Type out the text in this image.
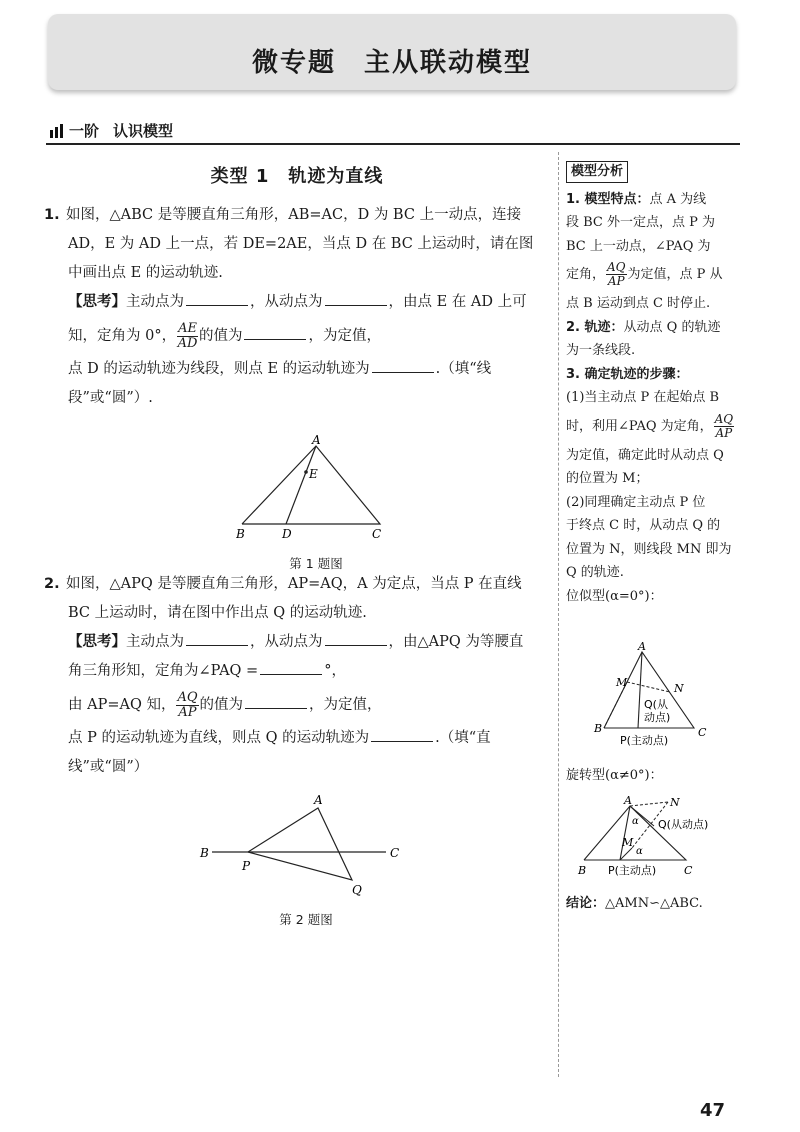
微专题　主从联动模型
一阶 认识模型
类型 1　轨迹为直线

1. 如图，△ABC 是等腰直角三角形，AB=AC，D 为 BC 上一动点，连接

AD，E 为 AD 上一点，若 DE=2AE，当点 D 在 BC 上运动时，请在图

中画出点 E 的运动轨迹.

【思考】主动点为	，从动点为	，由点 E 在 AD 上可

知，定角为 0°， $\frac{AE}{AD}$ 的值为	，为定值，

点 D 的运动轨迹为线段，则点 E 的运动轨迹为	.（填“线

段”或“圆”）.

2. 如图，△APQ 是等腰直角三角形，AP=AQ，A 为定点，当点 P 在直线

BC 上运动时，请在图中作出点 Q 的运动轨迹.

【思考】主动点为	，从动点为	，由△APQ 为等腰直

角三角形知，定角为∠PAQ =	°，

由 AP=AQ 知， $\frac{AQ}{AP}$ 的值为	，为定值，

点 P 的运动轨迹为直线，则点 Q 的运动轨迹为	.（填“直

线”或“圆”）

A
E
B	D	C
第 1 题图
A
B	C
P
Q
第 2 题图
模型分析

1. 模型特点：点 A 为线

段 BC 外一定点，点 P 为

BC 上一动点，∠PAQ 为

定角， $\frac{AQ}{AP}$ 为定值，点 P 从

点 B 运动到点 C 时停止.

2. 轨迹：从动点 Q 的轨迹

为一条线段.

3. 确定轨迹的步骤：

(1)当主动点 P 在起始点 B

时，利用∠PAQ 为定角， $\frac{AQ}{AP}$

为定值，确定此时从动点 Q

的位置为 M；

(2)同理确定主动点 P 位

于终点 C 时，从动点 Q 的

位置为 N，则线段 MN 即为

Q 的轨迹.

位似型(α=0°)：

A
M	N
Q(从
动点)
B	C
P(主动点)
旋转型(α≠0°)：
A	N
Q(从动点)
α
M
α
B P(主动点)	C
结论：△AMN∽△ABC.
47
